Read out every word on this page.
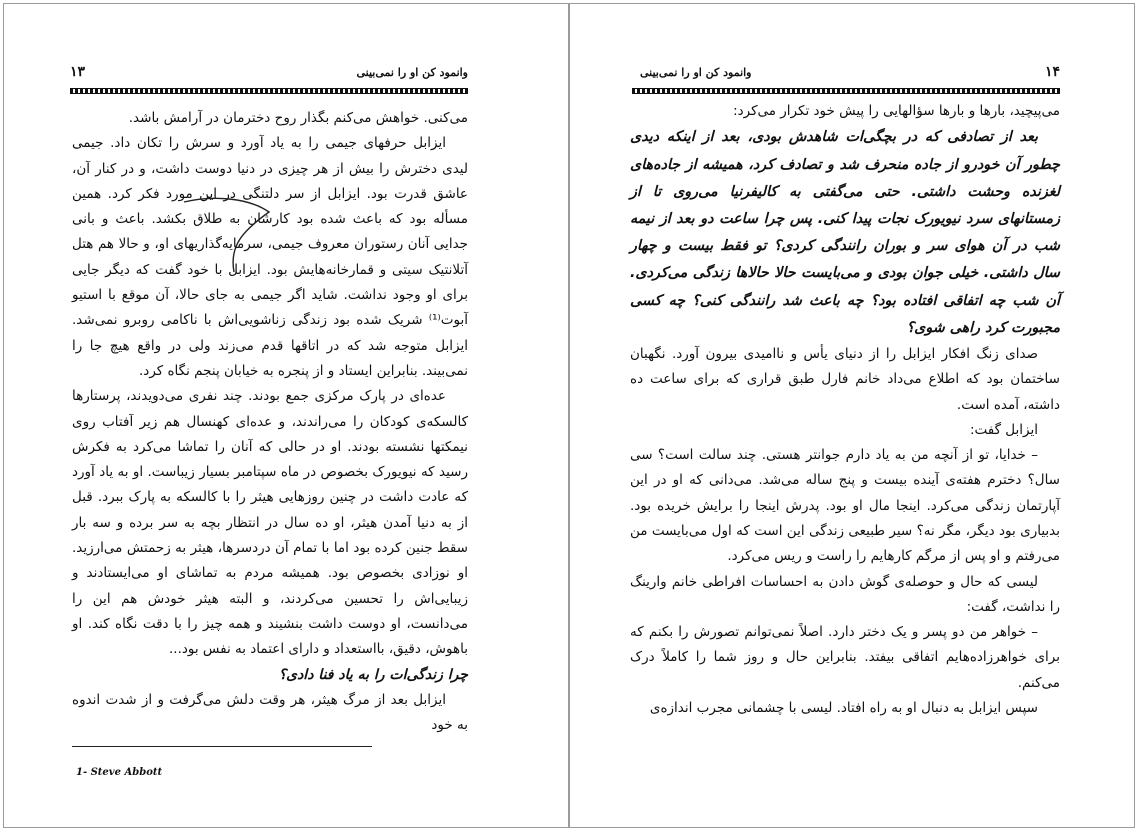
وانمود کن او را نمی‌بینی
۱۳

می‌کنی. خواهش می‌کنم بگذار روح دخترمان در آرامش باشد.

ایزابل حرفهای جیمی را به یاد آورد و سرش را تکان داد. جیمی لیدی دخترش را بیش از هر چیزی در دنیا دوست داشت، و در کنار آن، عاشق قدرت بود. ایزابل از سر دلتنگی در این مورد فکر کرد. همین مسأله بود که باعث شده بود کارشان به طلاق بکشد. باعث و بانی جدایی آنان رستوران معروف جیمی، سرمایه‌گذاریهای او، و حالا هم هتل آتلانتیک سیتی و قمارخانه‌هایش بود. ایزابل با خود گفت که دیگر جایی برای او وجود نداشت. شاید اگر جیمی به جای حالا، آن موقع با استیو آبوت⁽¹⁾ شریک شده بود زندگی زناشویی‌اش با ناکامی روبرو نمی‌شد. ایزابل متوجه شد که در اتاقها قدم می‌زند ولی در واقع هیچ جا را نمی‌بیند. بنابراین ایستاد و از پنجره به خیابان پنجم نگاه کرد.

عده‌ای در پارک مرکزی جمع بودند. چند نفری می‌دویدند، پرستارها کالسکه‌ی کودکان را می‌راندند، و عده‌ای کهنسال هم زیر آفتاب روی نیمکتها نشسته بودند. او در حالی که آنان را تماشا می‌کرد به فکرش رسید که نیویورک بخصوص در ماه سپتامبر بسیار زیباست. او به یاد آورد که عادت داشت در چنین روزهایی هیثر را با کالسکه به پارک ببرد. قبل از به دنیا آمدن هیثر، او ده سال در انتظار بچه به سر برده و سه بار سقط جنین کرده بود اما با تمام آن دردسرها، هیثر به زحمتش می‌ارزید. او نوزادی بخصوص بود. همیشه مردم به تماشای او می‌ایستادند و زیبایی‌اش را تحسین می‌کردند، و البته هیثر خودش هم این را می‌دانست، او دوست داشت بنشیند و همه چیز را با دقت نگاه کند. او باهوش، دقیق، بااستعداد و دارای اعتماد به نفس بود...

چرا زندگی‌ات را به یاد فنا دادی؟

ایزابل بعد از مرگ هیثر، هر وقت دلش می‌گرفت و از شدت اندوه به خود

1- Steve Abbott
۱۴
وانمود کن او را نمی‌بینی

می‌پیچید، بارها و بارها سؤالهایی را پیش خود تکرار می‌کرد:

بعد از تصادفی که در بچگی‌ات شاهدش بودی، بعد از اینکه دیدی چطور آن خودرو از جاده منحرف شد و تصادف کرد، همیشه از جاده‌های لغزنده وحشت داشتی. حتی می‌گفتی به کالیفرنیا می‌روی تا از زمستانهای سرد نیویورک نجات پیدا کنی. پس چرا ساعت دو بعد از نیمه شب در آن هوای سر و بوران رانندگی کردی؟ تو فقط بیست و چهار سال داشتی. خیلی جوان بودی و می‌بایست حالا حالاها زندگی می‌کردی. آن شب چه اتفاقی افتاده بود؟ چه باعث شد رانندگی کنی؟ چه کسی مجبورت کرد راهی شوی؟

صدای زنگ افکار ایزابل را از دنیای یأس و ناامیدی بیرون آورد. نگهبان ساختمان بود که اطلاع می‌داد خانم فارل طبق قراری که برای ساعت ده داشته، آمده است.

ایزابل گفت:

– خدایا، تو از آنچه من به یاد دارم جوانتر هستی. چند سالت است؟ سی سال؟ دخترم هفته‌ی آینده بیست و پنج ساله می‌شد. می‌دانی که او در این آپارتمان زندگی می‌کرد. اینجا مال او بود. پدرش اینجا را برایش خریده بود. بدبیاری بود دیگر، مگر نه؟ سیر طبیعی زندگی این است که اول می‌بایست من می‌رفتم و او پس از مرگم کارهایم را راست و ریس می‌کرد.

لیسی که حال و حوصله‌ی گوش دادن به احساسات افراطی خانم وارینگ را نداشت، گفت:

– خواهر من دو پسر و یک دختر دارد. اصلاً نمی‌توانم تصورش را بکنم که برای خواهرزاده‌هایم اتفاقی بیفتد. بنابراین حال و روز شما را کاملاً درک می‌کنم.

سپس ایزابل به دنبال او به راه افتاد. لیسی با چشمانی مجرب اندازه‌ی
